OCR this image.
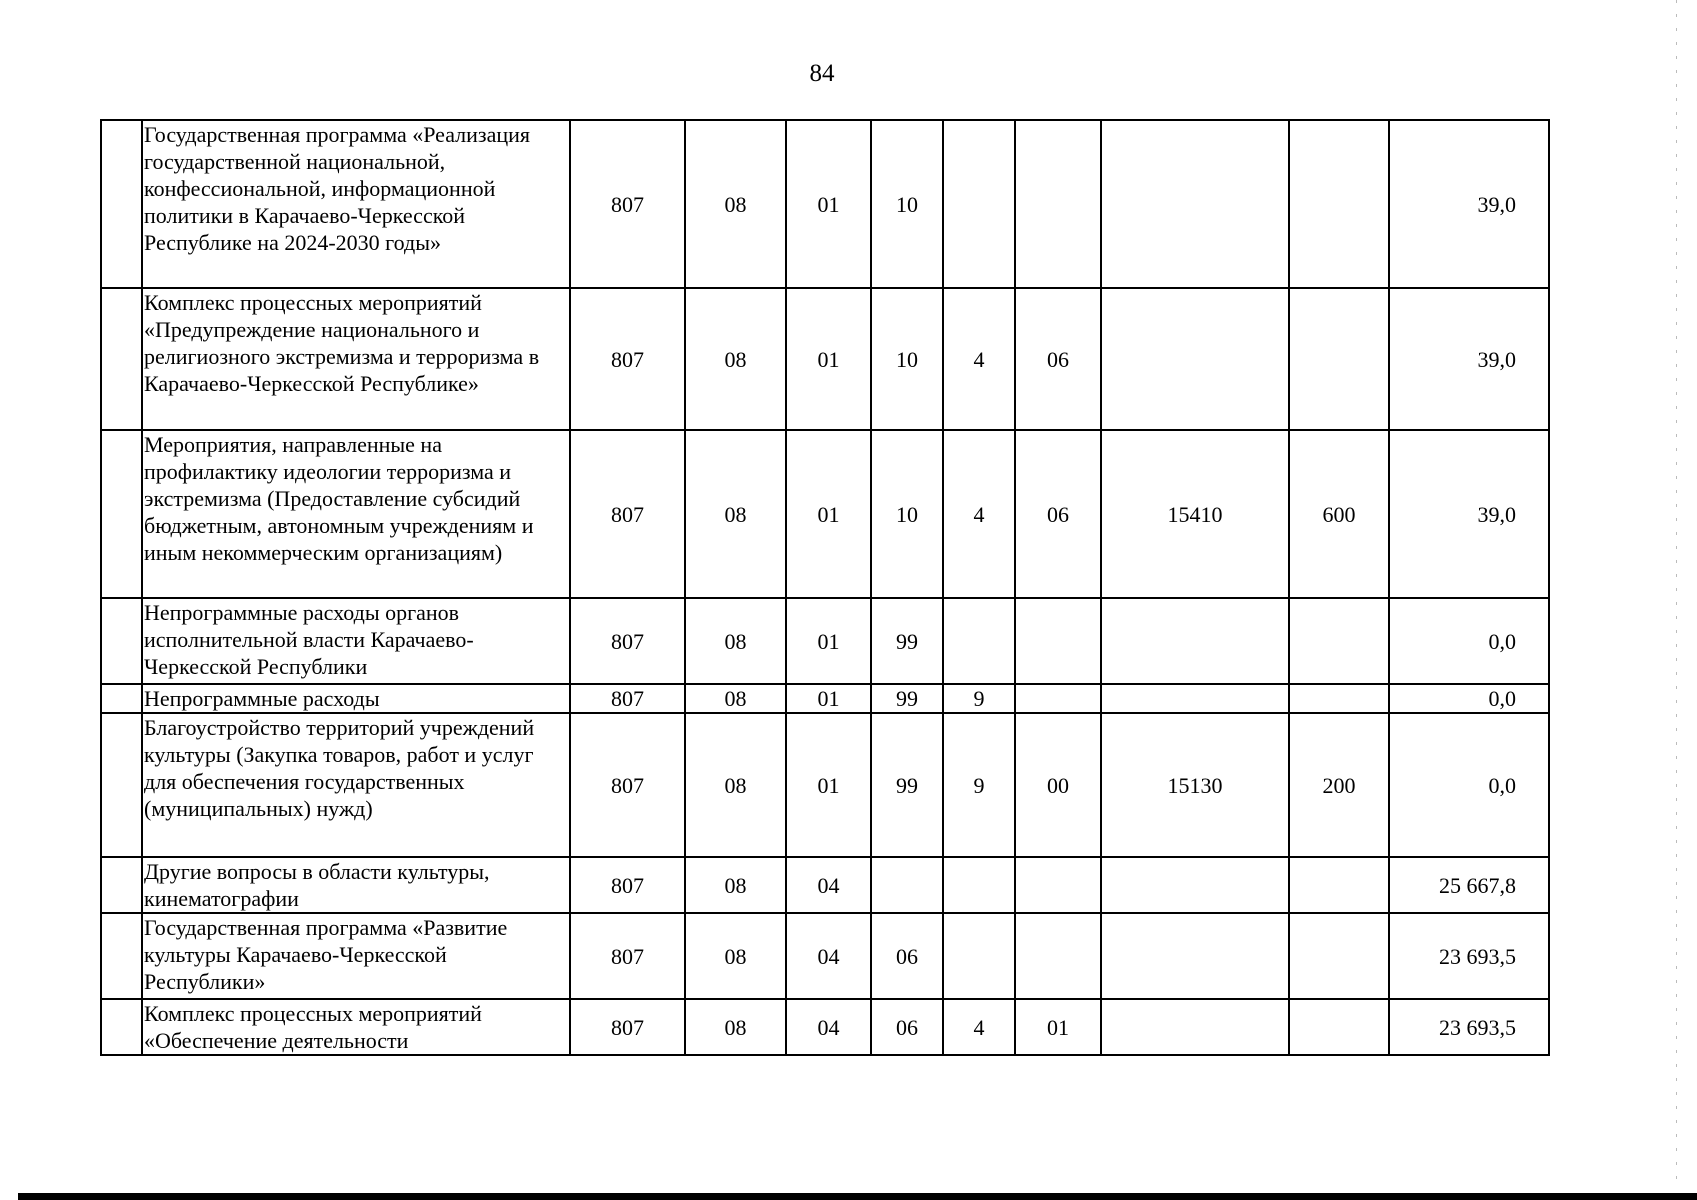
84
	Государственная программа «Реализация государственной национальной, конфессиональной, информационной политики в Карачаево-Черкесской Республике на 2024-2030 годы»	807	08	01	10					39,0
	Комплекс процессных мероприятий «Предупреждение национального и религиозного экстремизма и терроризма в Карачаево-Черкесской Республике»	807	08	01	10	4	06			39,0
	Мероприятия, направленные на профилактику идеологии терроризма и экстремизма (Предоставление субсидий бюджетным, автономным учреждениям и иным некоммерческим организациям)	807	08	01	10	4	06	15410	600	39,0
	Непрограммные расходы органов исполнительной власти Карачаево-Черкесской Республики	807	08	01	99					0,0
	Непрограммные расходы	807	08	01	99	9				0,0
	Благоустройство территорий учреждений культуры (Закупка товаров, работ и услуг для обеспечения государственных (муниципальных) нужд)	807	08	01	99	9	00	15130	200	0,0
	Другие вопросы в области культуры, кинематографии	807	08	04						25 667,8
	Государственная программа «Развитие культуры Карачаево-Черкесской Республики»	807	08	04	06					23 693,5
	Комплекс процессных мероприятий «Обеспечение деятельности	807	08	04	06	4	01			23 693,5
